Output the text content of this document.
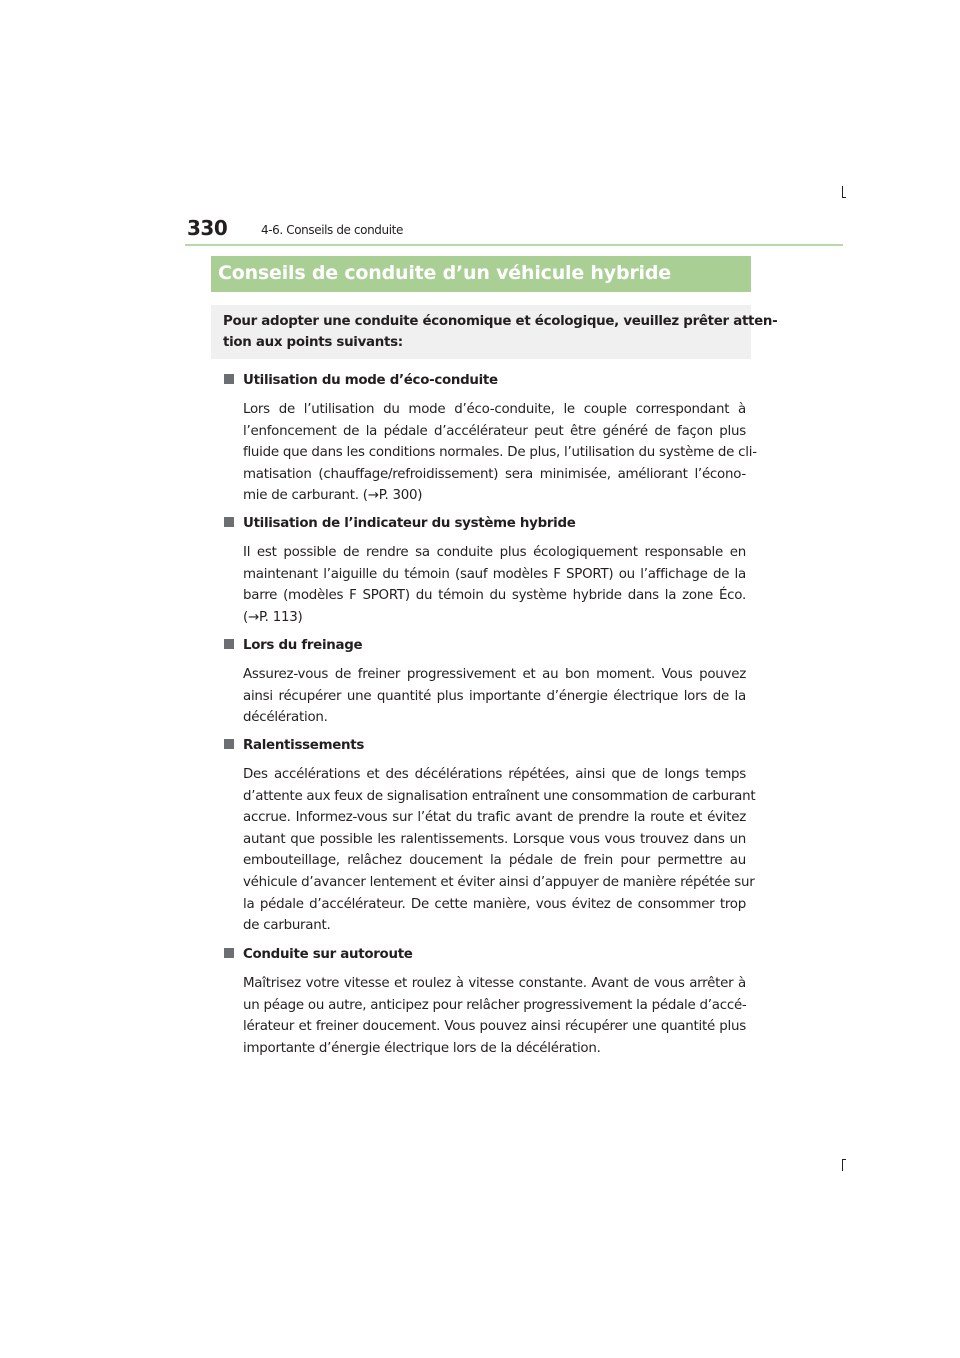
330	4-6. Conseils de conduite
Conseils de conduite d’un véhicule hybride
Pour adopter une conduite économique et écologique, veuillez prêter atten-
tion aux points suivants:
Utilisation du mode d’éco-conduite
Lors de l’utilisation du mode d’éco-conduite, le couple correspondant à
l’enfoncement de la pédale d’accélérateur peut être généré de façon plus
fluide que dans les conditions normales. De plus, l’utilisation du système de cli-
matisation (chauffage/refroidissement) sera minimisée, améliorant l’écono-
mie de carburant. (→P. 300)
Utilisation de l’indicateur du système hybride
Il est possible de rendre sa conduite plus écologiquement responsable en
maintenant l’aiguille du témoin (sauf modèles F SPORT) ou l’affichage de la
barre (modèles F SPORT) du témoin du système hybride dans la zone Éco.
(→P. 113)
Lors du freinage
Assurez-vous de freiner progressivement et au bon moment. Vous pouvez
ainsi récupérer une quantité plus importante d’énergie électrique lors de la
décélération.
Ralentissements
Des accélérations et des décélérations répétées, ainsi que de longs temps
d’attente aux feux de signalisation entraînent une consommation de carburant
accrue. Informez-vous sur l’état du trafic avant de prendre la route et évitez
autant que possible les ralentissements. Lorsque vous vous trouvez dans un
embouteillage, relâchez doucement la pédale de frein pour permettre au
véhicule d’avancer lentement et éviter ainsi d’appuyer de manière répétée sur
la pédale d’accélérateur. De cette manière, vous évitez de consommer trop
de carburant.
Conduite sur autoroute
Maîtrisez votre vitesse et roulez à vitesse constante. Avant de vous arrêter à
un péage ou autre, anticipez pour relâcher progressivement la pédale d’accé-
lérateur et freiner doucement. Vous pouvez ainsi récupérer une quantité plus
importante d’énergie électrique lors de la décélération.
